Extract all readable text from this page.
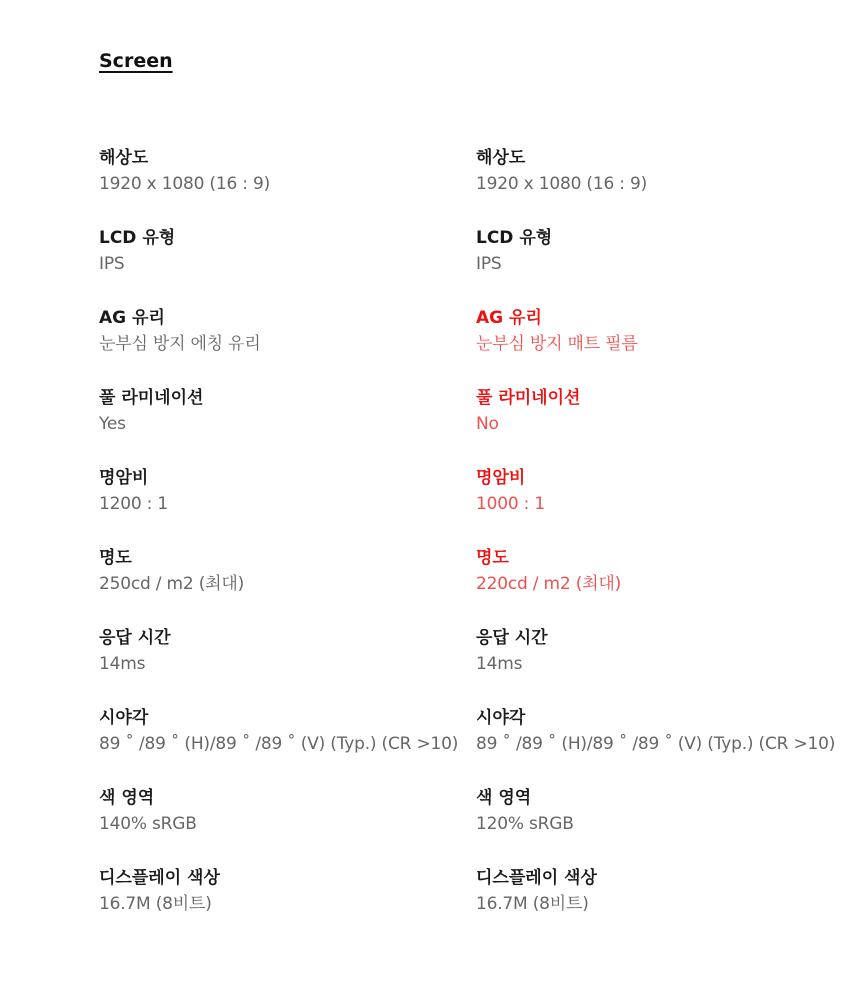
Screen
해상도
1920 x 1080 (16 : 9)
LCD 유형
IPS
AG 유리
눈부심 방지 에칭 유리
풀 라미네이션
Yes
명암비
1200 : 1
명도
250cd / m2 (최대)
응답 시간
14ms
시야각
89 ˚ /89 ˚ (H)/89 ˚ /89 ˚ (V) (Typ.) (CR >10)
색 영역
140% sRGB
디스플레이 색상
16.7M (8비트)
해상도
1920 x 1080 (16 : 9)
LCD 유형
IPS
AG 유리
눈부심 방지 매트 필름
풀 라미네이션
No
명암비
1000 : 1
명도
220cd / m2 (최대)
응답 시간
14ms
시야각
89 ˚ /89 ˚ (H)/89 ˚ /89 ˚ (V) (Typ.) (CR >10)
색 영역
120% sRGB
디스플레이 색상
16.7M (8비트)
